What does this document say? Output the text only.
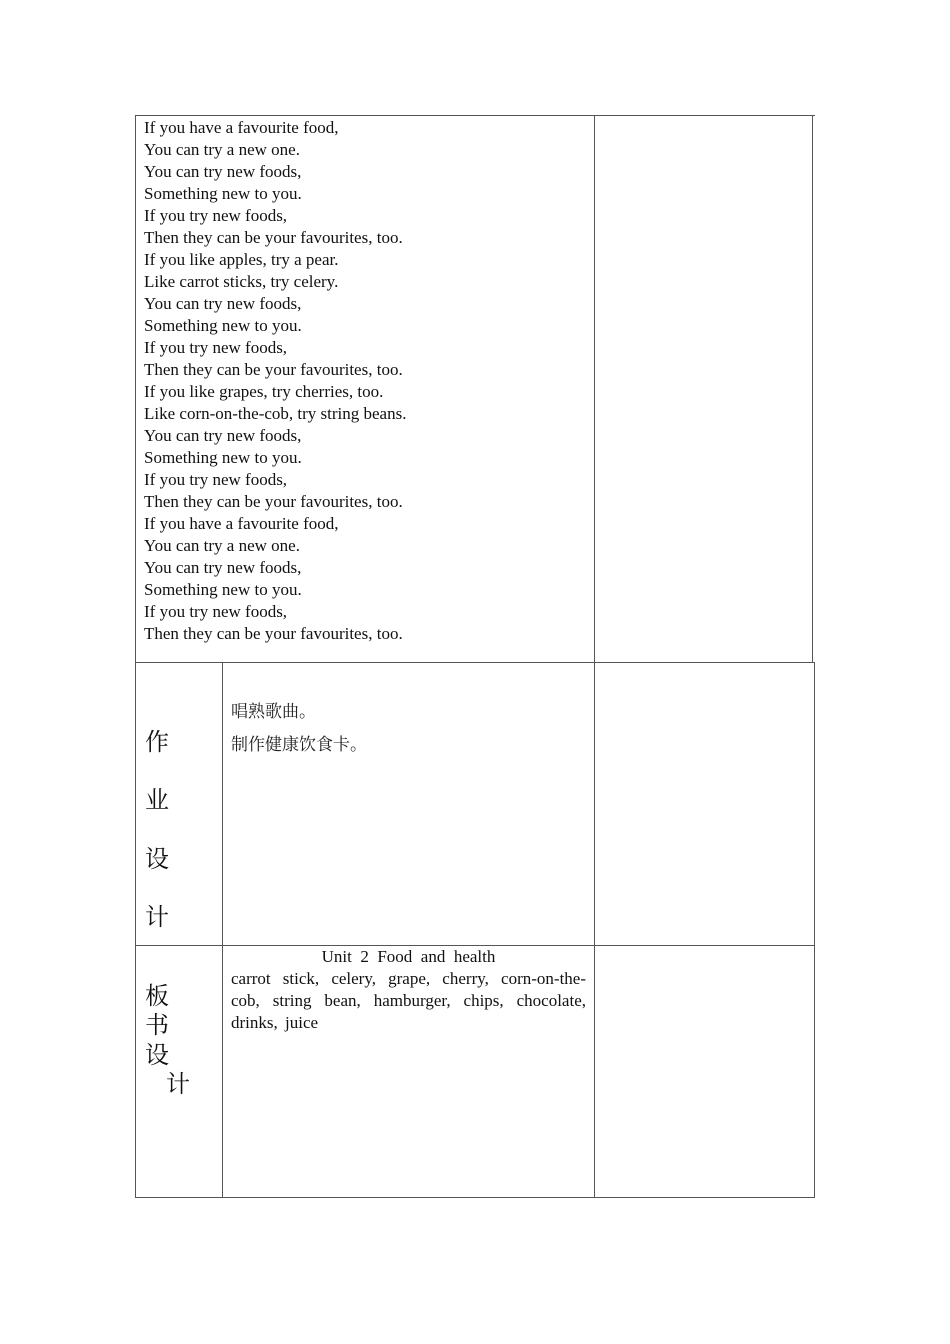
If you have a favourite food,
You can try a new one.
You can try new foods,
Something new to you.
If you try new foods,
Then they can be your favourites, too.
If you like apples, try a pear.
Like carrot sticks, try celery.
You can try new foods,
Something new to you.
If you try new foods,
Then they can be your favourites, too.
If you like grapes, try cherries, too.
Like corn-on-the-cob, try string beans.
You can try new foods,
Something new to you.
If you try new foods,
Then they can be your favourites, too.
If you have a favourite food,
You can try a new one.
You can try new foods,
Something new to you.
If you try new foods,
Then they can be your favourites, too.
作
业
设
计
唱熟歌曲。
制作健康饮食卡。
板
书
设
计
Unit  2  Food  and  health
carrot stick, celery, grape, cherry, corn-on-the-cob, string bean, hamburger, chips, chocolate, drinks, juice
